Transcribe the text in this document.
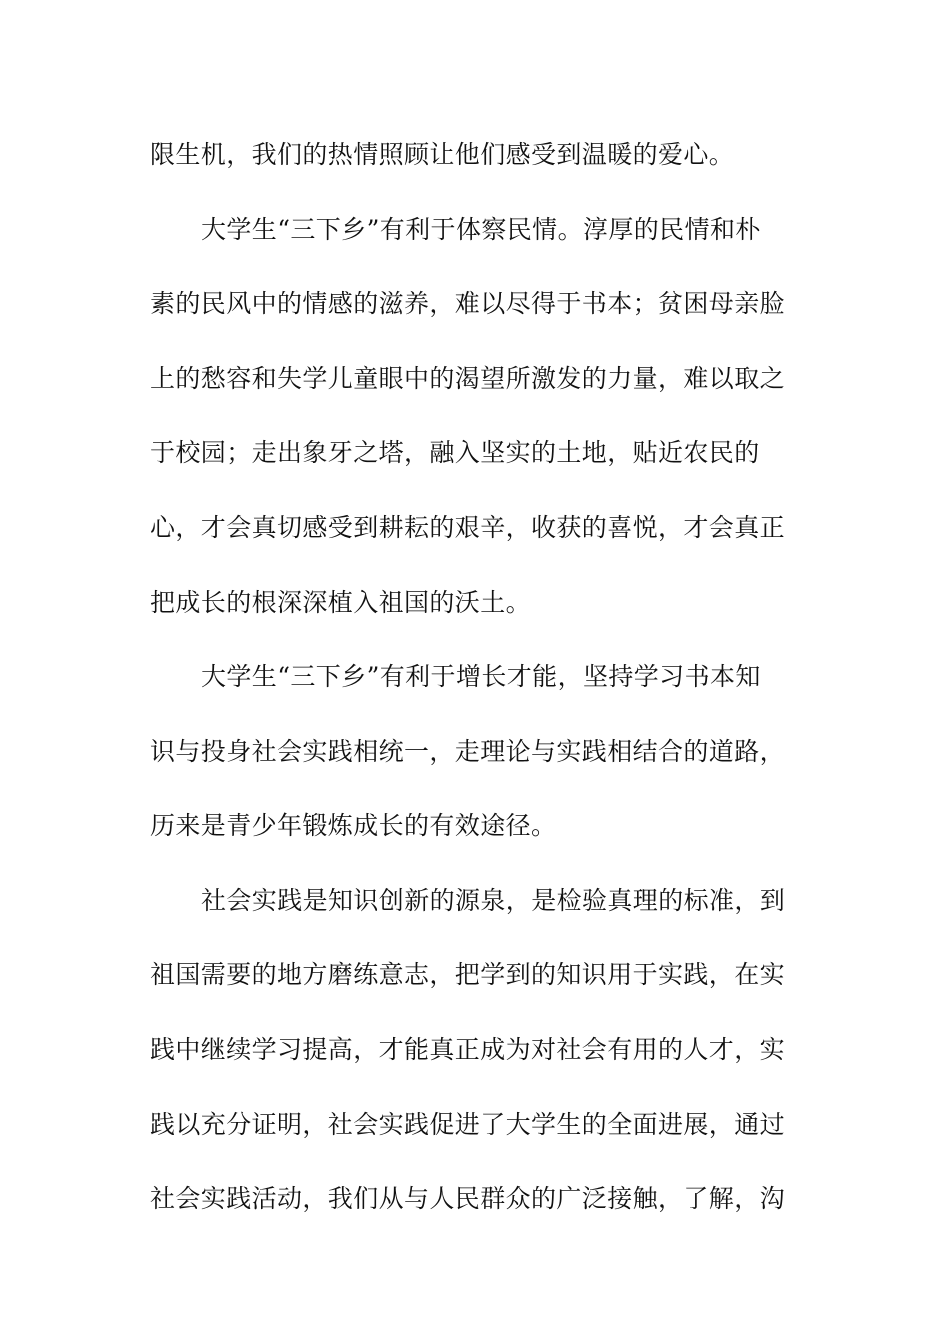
限生机，我们的热情照顾让他们感受到温暖的爱心。
大学生“三下乡”有利于体察民情。淳厚的民情和朴
素的民风中的情感的滋养，难以尽得于书本；贫困母亲脸
上的愁容和失学儿童眼中的渴望所激发的力量，难以取之
于校园；走出象牙之塔，融入坚实的土地，贴近农民的
心，才会真切感受到耕耘的艰辛，收获的喜悦，才会真正
把成长的根深深植入祖国的沃土。
大学生“三下乡”有利于增长才能，坚持学习书本知
识与投身社会实践相统一，走理论与实践相结合的道路，
历来是青少年锻炼成长的有效途径。
社会实践是知识创新的源泉，是检验真理的标准，到
祖国需要的地方磨练意志，把学到的知识用于实践，在实
践中继续学习提高，才能真正成为对社会有用的人才，实
践以充分证明，社会实践促进了大学生的全面进展，通过
社会实践活动，我们从与人民群众的广泛接触，了解，沟
